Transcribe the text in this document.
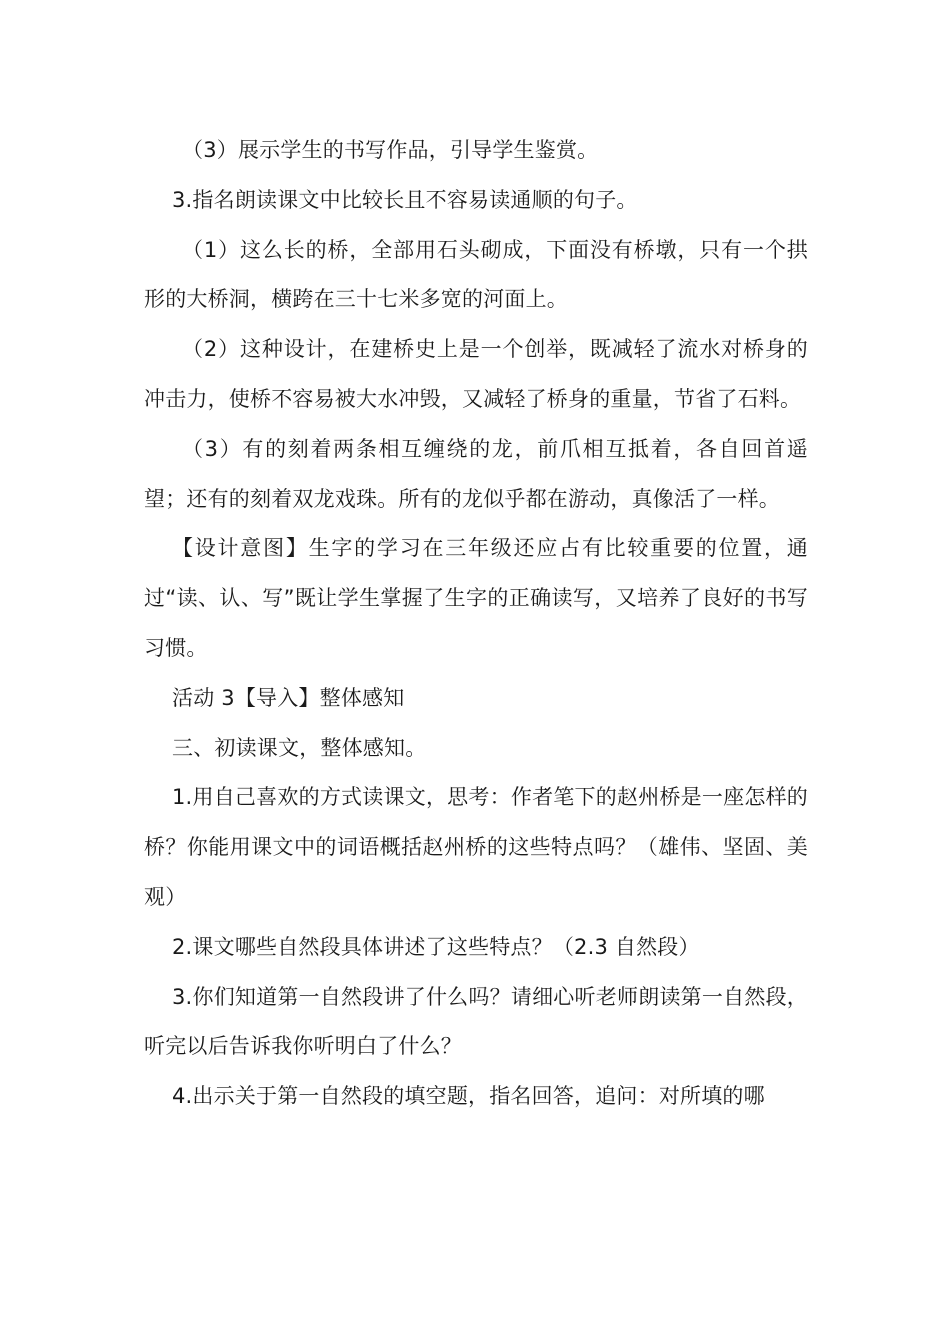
（3）展示学生的书写作品，引导学生鉴赏。

3.指名朗读课文中比较长且不容易读通顺的句子。

（1）这么长的桥，全部用石头砌成，下面没有桥墩，只有一个拱形的大桥洞，横跨在三十七米多宽的河面上。

（2）这种设计，在建桥史上是一个创举，既减轻了流水对桥身的冲击力，使桥不容易被大水冲毁，又减轻了桥身的重量，节省了石料。

（3）有的刻着两条相互缠绕的龙，前爪相互抵着，各自回首遥望；还有的刻着双龙戏珠。所有的龙似乎都在游动，真像活了一样。

【设计意图】生字的学习在三年级还应占有比较重要的位置，通过“读、认、写”既让学生掌握了生字的正确读写，又培养了良好的书写习惯。

活动 3【导入】整体感知

三、初读课文，整体感知。

1.用自己喜欢的方式读课文，思考：作者笔下的赵州桥是一座怎样的桥？你能用课文中的词语概括赵州桥的这些特点吗？（雄伟、坚固、美观）

2.课文哪些自然段具体讲述了这些特点？（2.3 自然段）

3.你们知道第一自然段讲了什么吗？请细心听老师朗读第一自然段，听完以后告诉我你听明白了什么？

4.出示关于第一自然段的填空题，指名回答，追问：对所填的哪
